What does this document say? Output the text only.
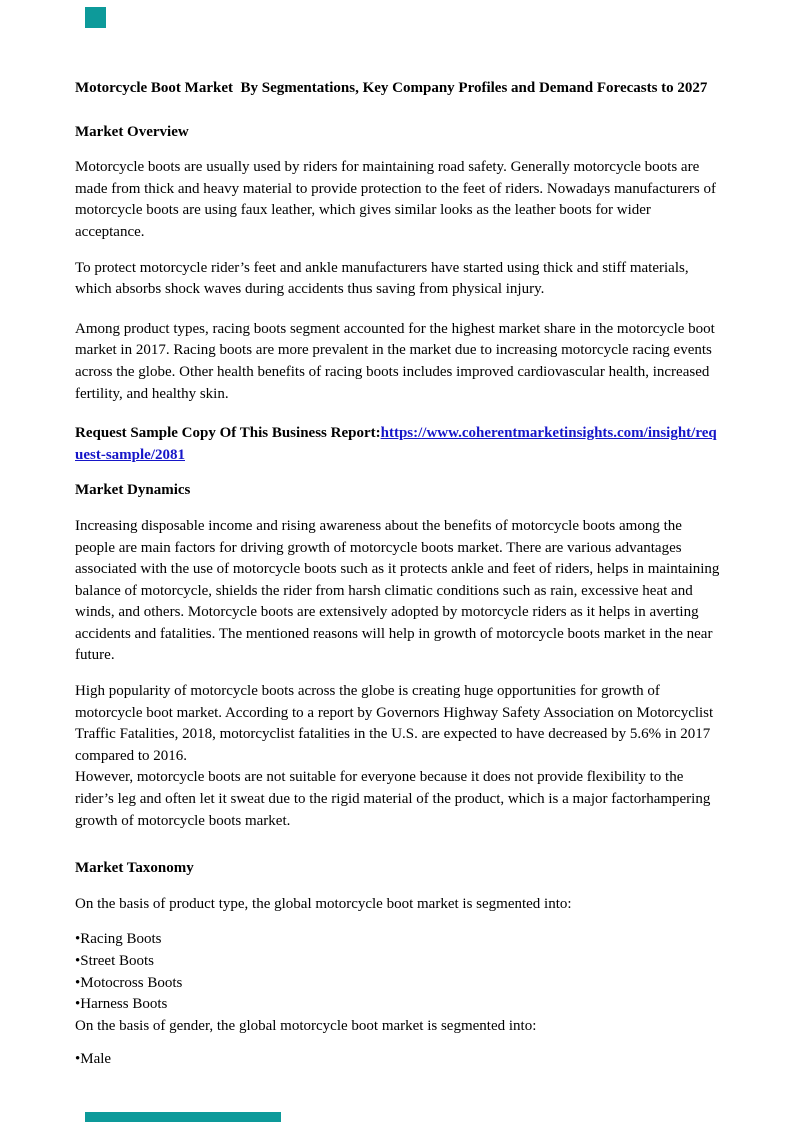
Motorcycle Boot Market  By Segmentations, Key Company Profiles and Demand Forecasts to 2027
Market Overview

Motorcycle boots are usually used by riders for maintaining road safety. Generally motorcycle boots are made from thick and heavy material to provide protection to the feet of riders. Nowadays manufacturers of motorcycle boots are using faux leather, which gives similar looks as the leather boots for wider acceptance.

To protect motorcycle rider’s feet and ankle manufacturers have started using thick and stiff materials, which absorbs shock waves during accidents thus saving from physical injury.

Among product types, racing boots segment accounted for the highest market share in the motorcycle boot market in 2017. Racing boots are more prevalent in the market due to increasing motorcycle racing events across the globe. Other health benefits of racing boots includes improved cardiovascular health, increased fertility, and healthy skin.

Request Sample Copy Of This Business Report:https://www.coherentmarketinsights.com/insight/request-sample/2081

Market Dynamics

Increasing disposable income and rising awareness about the benefits of motorcycle boots among the people are main factors for driving growth of motorcycle boots market. There are various advantages associated with the use of motorcycle boots such as it protects ankle and feet of riders, helps in maintaining balance of motorcycle, shields the rider from harsh climatic conditions such as rain, excessive heat and winds, and others. Motorcycle boots are extensively adopted by motorcycle riders as it helps in averting accidents and fatalities. The mentioned reasons will help in growth of motorcycle boots market in the near future.

High popularity of motorcycle boots across the globe is creating huge opportunities for growth of motorcycle boot market. According to a report by Governors Highway Safety Association on Motorcyclist Traffic Fatalities, 2018, motorcyclist fatalities in the U.S. are expected to have decreased by 5.6% in 2017 compared to 2016.
However, motorcycle boots are not suitable for everyone because it does not provide flexibility to the rider’s leg and often let it sweat due to the rigid material of the product, which is a major factorhampering growth of motorcycle boots market.

Market Taxonomy

On the basis of product type, the global motorcycle boot market is segmented into:

•Racing Boots
•Street Boots
•Motocross Boots
•Harness Boots
On the basis of gender, the global motorcycle boot market is segmented into:

•Male
